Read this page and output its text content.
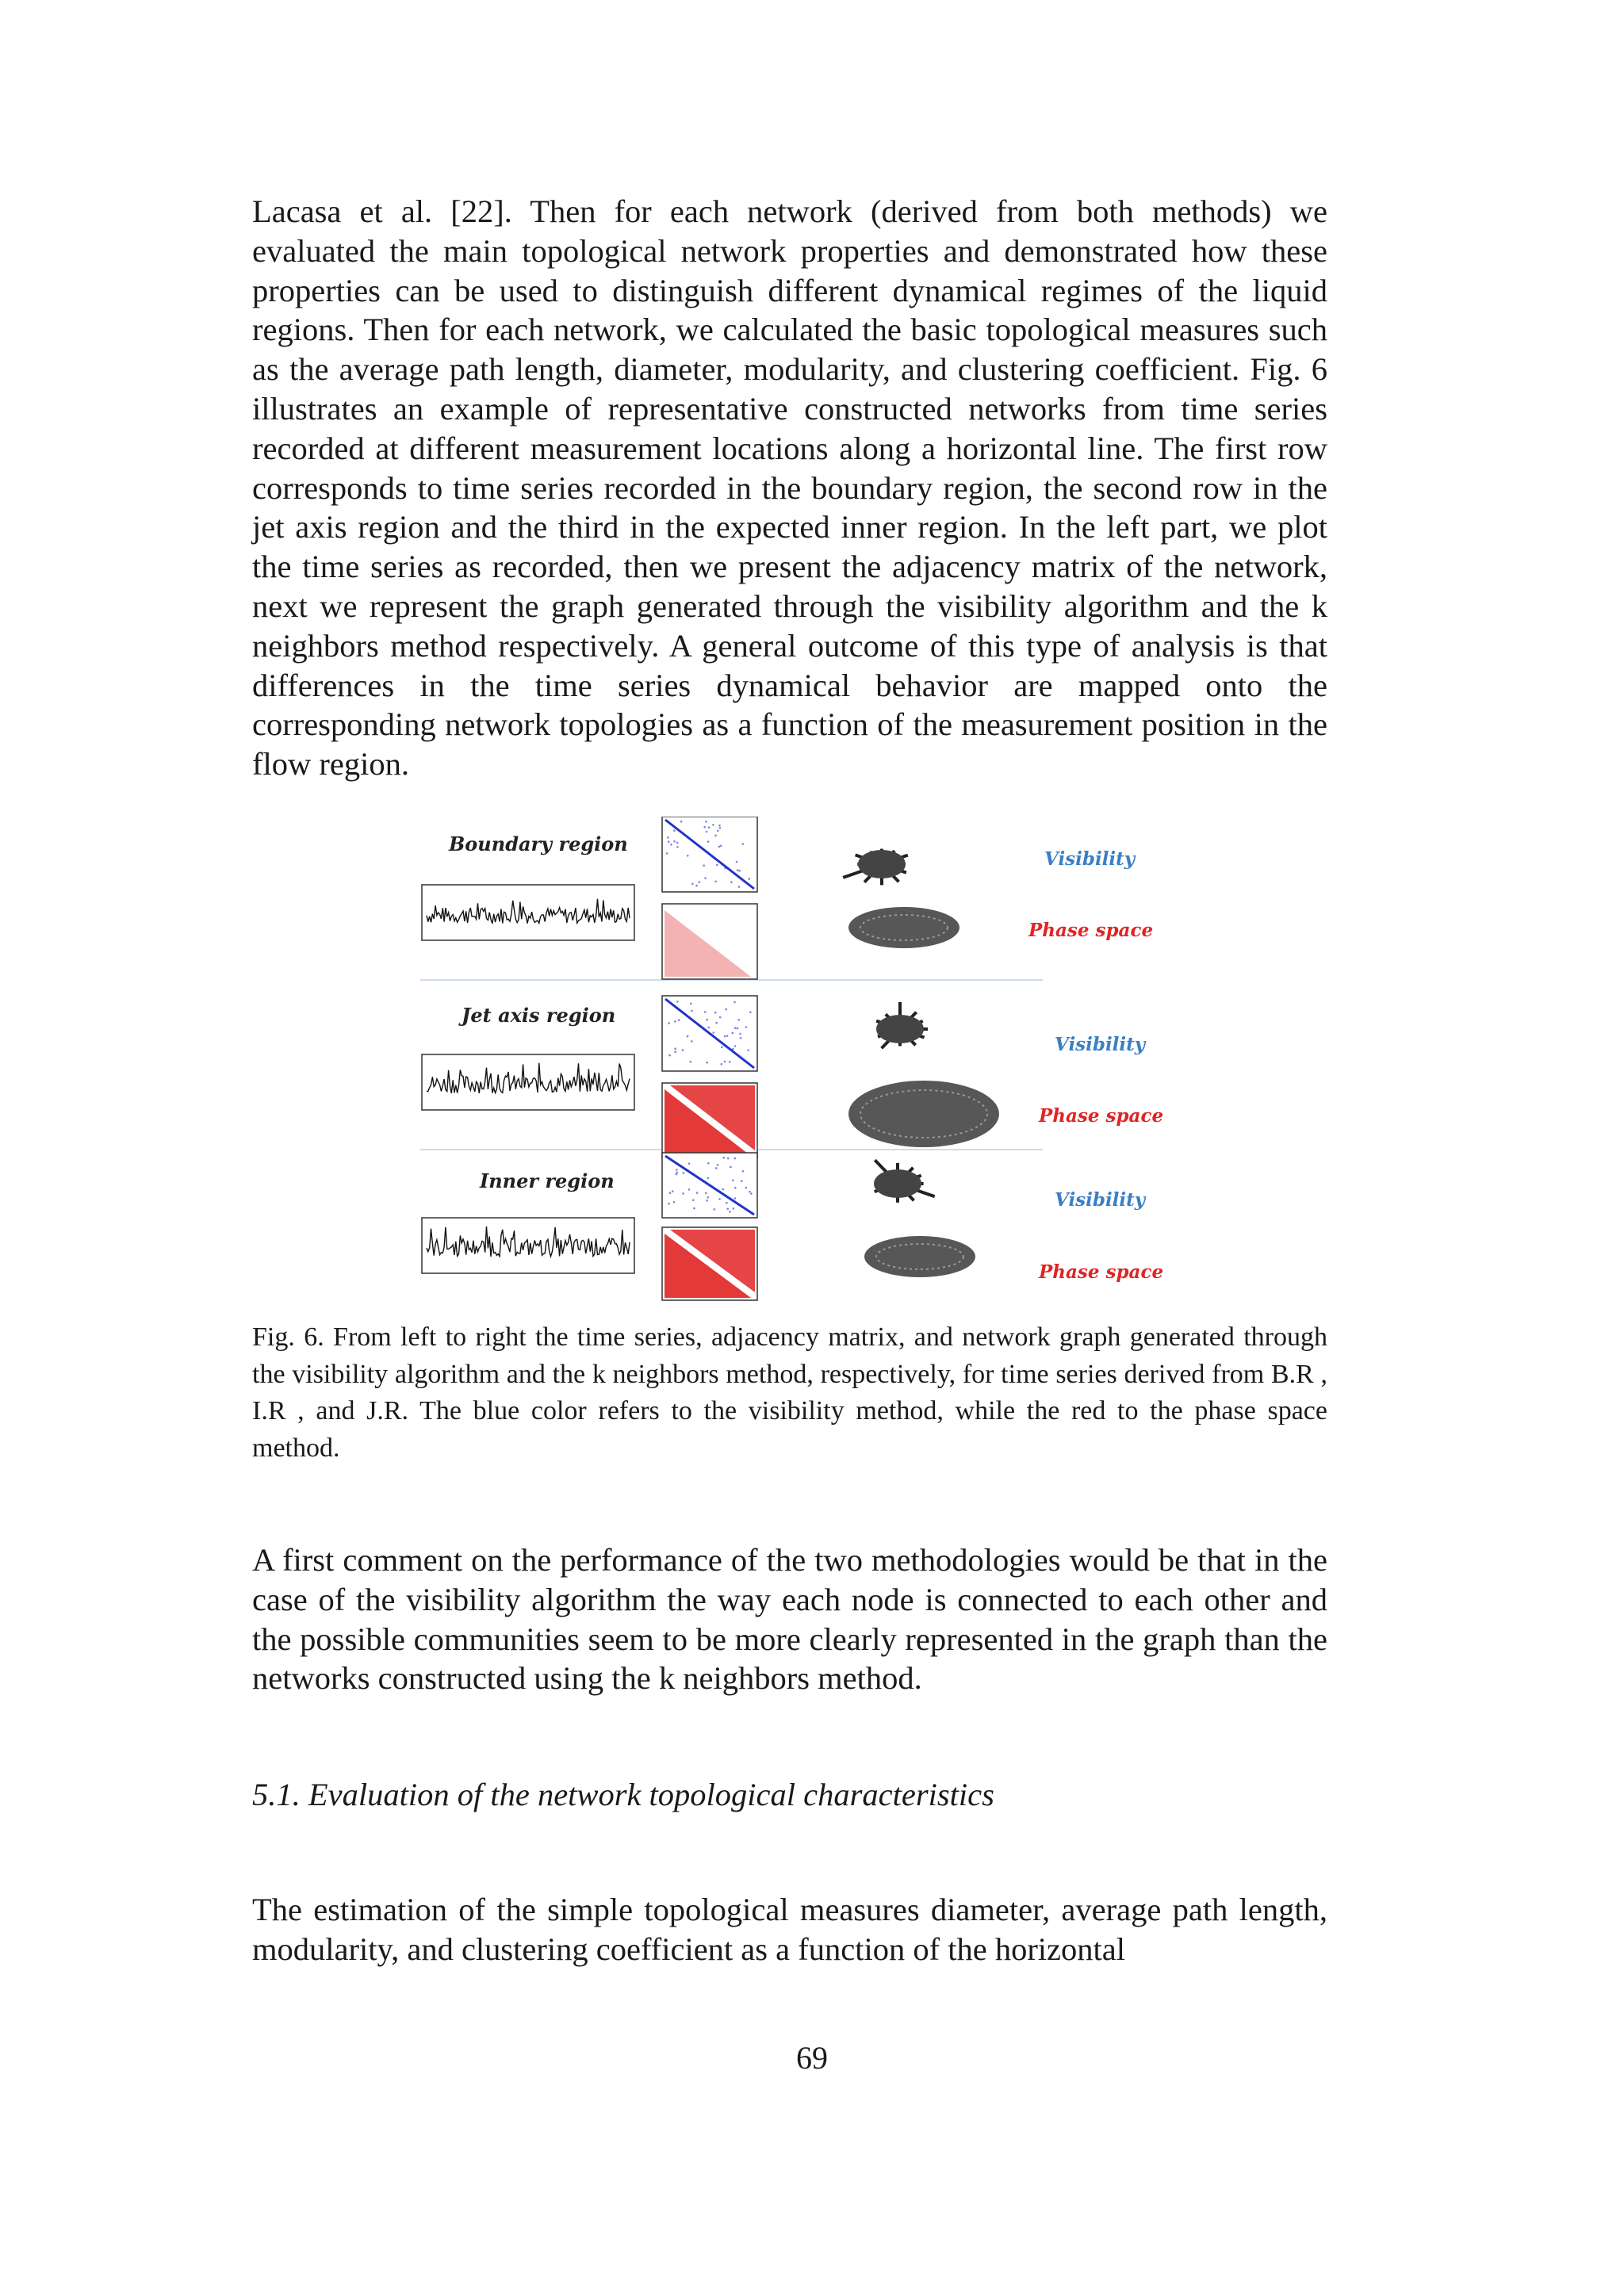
Lacasa et al. [22]. Then for each network (derived from both methods) we evaluated the main topological network properties and demonstrated how these properties can be used to distinguish different dynamical regimes of the liquid regions. Then for each network, we calculated the basic topological measures such as the average path length, diameter, modularity, and clustering coefficient. Fig. 6 illustrates an example of representative constructed networks from time series recorded at different measurement locations along a horizontal line. The first row corresponds to time series recorded in the boundary region, the second row in the jet axis region and the third in the expected inner region. In the left part, we plot the time series as recorded, then we present the adjacency matrix of the network, next we represent the graph generated through the visibility algorithm and the k neighbors method respectively. A general outcome of this type of analysis is that differences in the time series dynamical behavior are mapped onto the corresponding network topologies as a function of the measurement position in the flow region.

Boundary region
Visibility
Phase space
Jet axis region
Visibility
Phase space
Inner region
Visibility
Phase space

Fig. 6. From left to right the time series, adjacency matrix, and network graph generated through the visibility algorithm and the k neighbors method, respectively, for time series derived from B.R , I.R , and J.R. The blue color refers to the visibility method, while the red to the phase space method.

A first comment on the performance of the two methodologies would be that in the case of the visibility algorithm the way each node is connected to each other and the possible communities seem to be more clearly represented in the graph than the networks constructed using the k neighbors method.

5.1. Evaluation of the network topological characteristics

The estimation of the simple topological measures diameter, average path length, modularity, and clustering coefficient as a function of the horizontal

69
